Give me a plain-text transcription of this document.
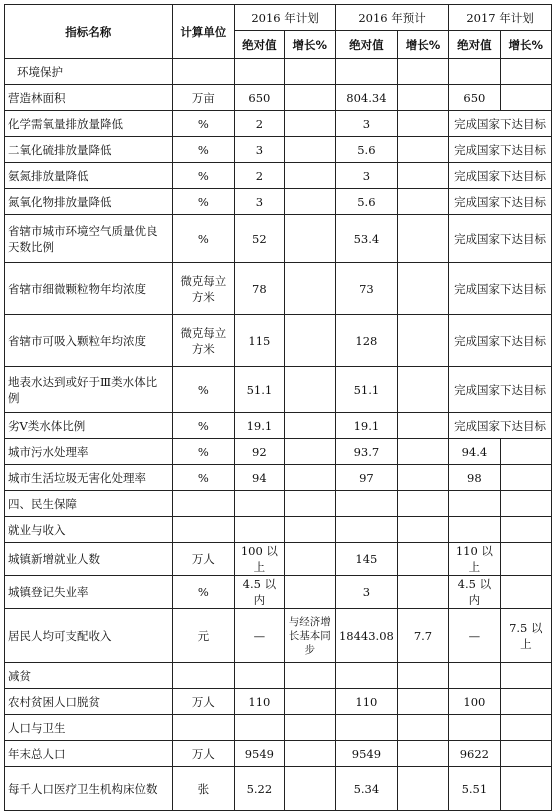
指标名称	计算单位	2016 年计划		2016 年预计		2017 年计划	
		绝对值	增长%	绝对值	增长%	绝对值	增长%
环境保护							
营造林面积	万亩	650		804.34		650	
化学需氧量排放量降低	%	2		3		完成国家下达目标	
二氧化硫排放量降低	%	3		5.6		完成国家下达目标	
氨氮排放量降低	%	2		3		完成国家下达目标	
氮氧化物排放量降低	%	3		5.6		完成国家下达目标	
省辖市城市环境空气质量优良天数比例	%	52		53.4		完成国家下达目标	
省辖市细微颗粒物年均浓度	微克每立方米	78		73		完成国家下达目标	
省辖市可吸入颗粒年均浓度	微克每立方米	115		128		完成国家下达目标	
地表水达到或好于Ⅲ类水体比例	%	51.1		51.1		完成国家下达目标	
劣Ⅴ类水体比例	%	19.1		19.1		完成国家下达目标	
城市污水处理率	%	92		93.7		94.4	
城市生活垃圾无害化处理率	%	94		97		98	
四、民生保障							
就业与收入							
城镇新增就业人数	万人	100 以上		145		110 以上	
城镇登记失业率	%	4.5 以内		3		4.5 以内	
居民人均可支配收入	元	—	与经济增长基本同步	18443.08	7.7	—	7.5 以上
减贫							
农村贫困人口脱贫	万人	110		110		100	
人口与卫生							
年末总人口	万人	9549		9549		9622	
每千人口医疗卫生机构床位数	张	5.22		5.34		5.51	
